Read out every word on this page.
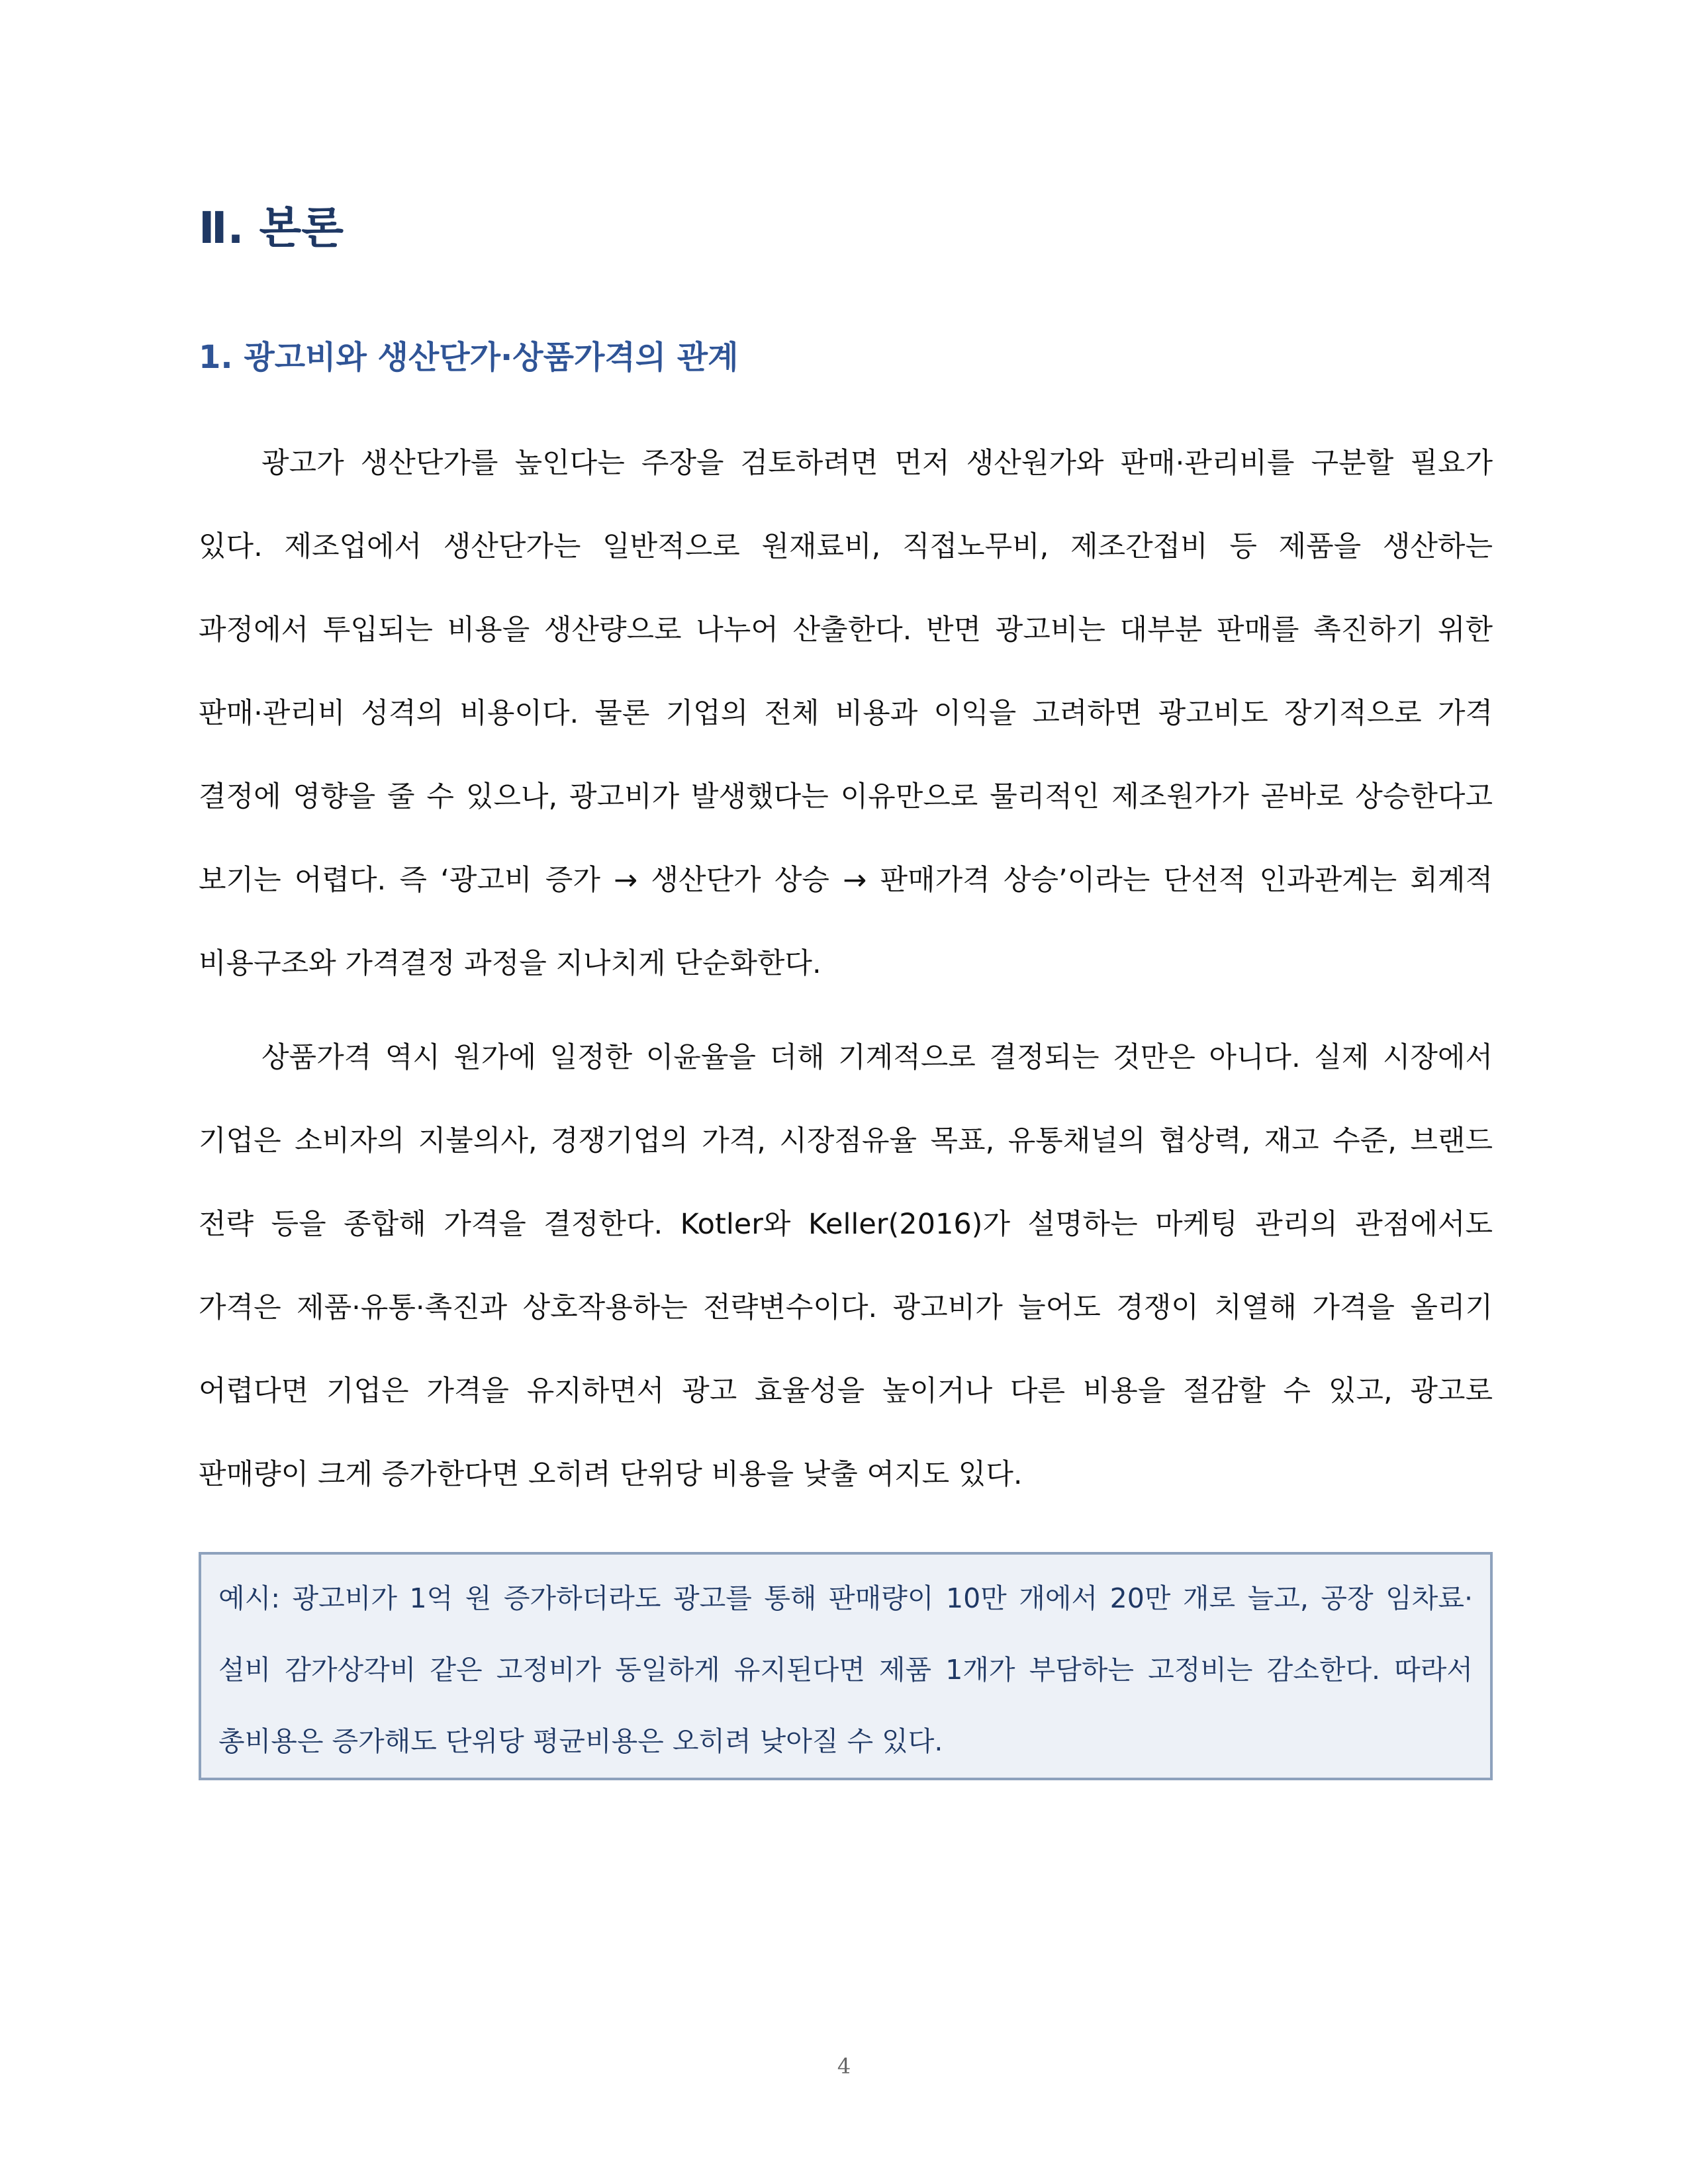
Ⅱ. 본론
1. 광고비와 생산단가·상품가격의 관계

광고가 생산단가를 높인다는 주장을 검토하려면 먼저 생산원가와 판매·관리비를 구분할 필요가 있다. 제조업에서 생산단가는 일반적으로 원재료비, 직접노무비, 제조간접비 등 제품을 생산하는 과정에서 투입되는 비용을 생산량으로 나누어 산출한다. 반면 광고비는 대부분 판매를 촉진하기 위한 판매·관리비 성격의 비용이다. 물론 기업의 전체 비용과 이익을 고려하면 광고비도 장기적으로 가격 결정에 영향을 줄 수 있으나, 광고비가 발생했다는 이유만으로 물리적인 제조원가가 곧바로 상승한다고 보기는 어렵다. 즉 ‘광고비 증가 → 생산단가 상승 → 판매가격 상승’이라는 단선적 인과관계는 회계적 비용구조와 가격결정 과정을 지나치게 단순화한다.

상품가격 역시 원가에 일정한 이윤율을 더해 기계적으로 결정되는 것만은 아니다. 실제 시장에서 기업은 소비자의 지불의사, 경쟁기업의 가격, 시장점유율 목표, 유통채널의 협상력, 재고 수준, 브랜드 전략 등을 종합해 가격을 결정한다. Kotler와 Keller(2016)가 설명하는 마케팅 관리의 관점에서도 가격은 제품·유통·촉진과 상호작용하는 전략변수이다. 광고비가 늘어도 경쟁이 치열해 가격을 올리기 어렵다면 기업은 가격을 유지하면서 광고 효율성을 높이거나 다른 비용을 절감할 수 있고, 광고로 판매량이 크게 증가한다면 오히려 단위당 비용을 낮출 여지도 있다.

예시: 광고비가 1억 원 증가하더라도 광고를 통해 판매량이 10만 개에서 20만 개로 늘고, 공장 임차료·설비 감가상각비 같은 고정비가 동일하게 유지된다면 제품 1개가 부담하는 고정비는 감소한다. 따라서 총비용은 증가해도 단위당 평균비용은 오히려 낮아질 수 있다.

4
